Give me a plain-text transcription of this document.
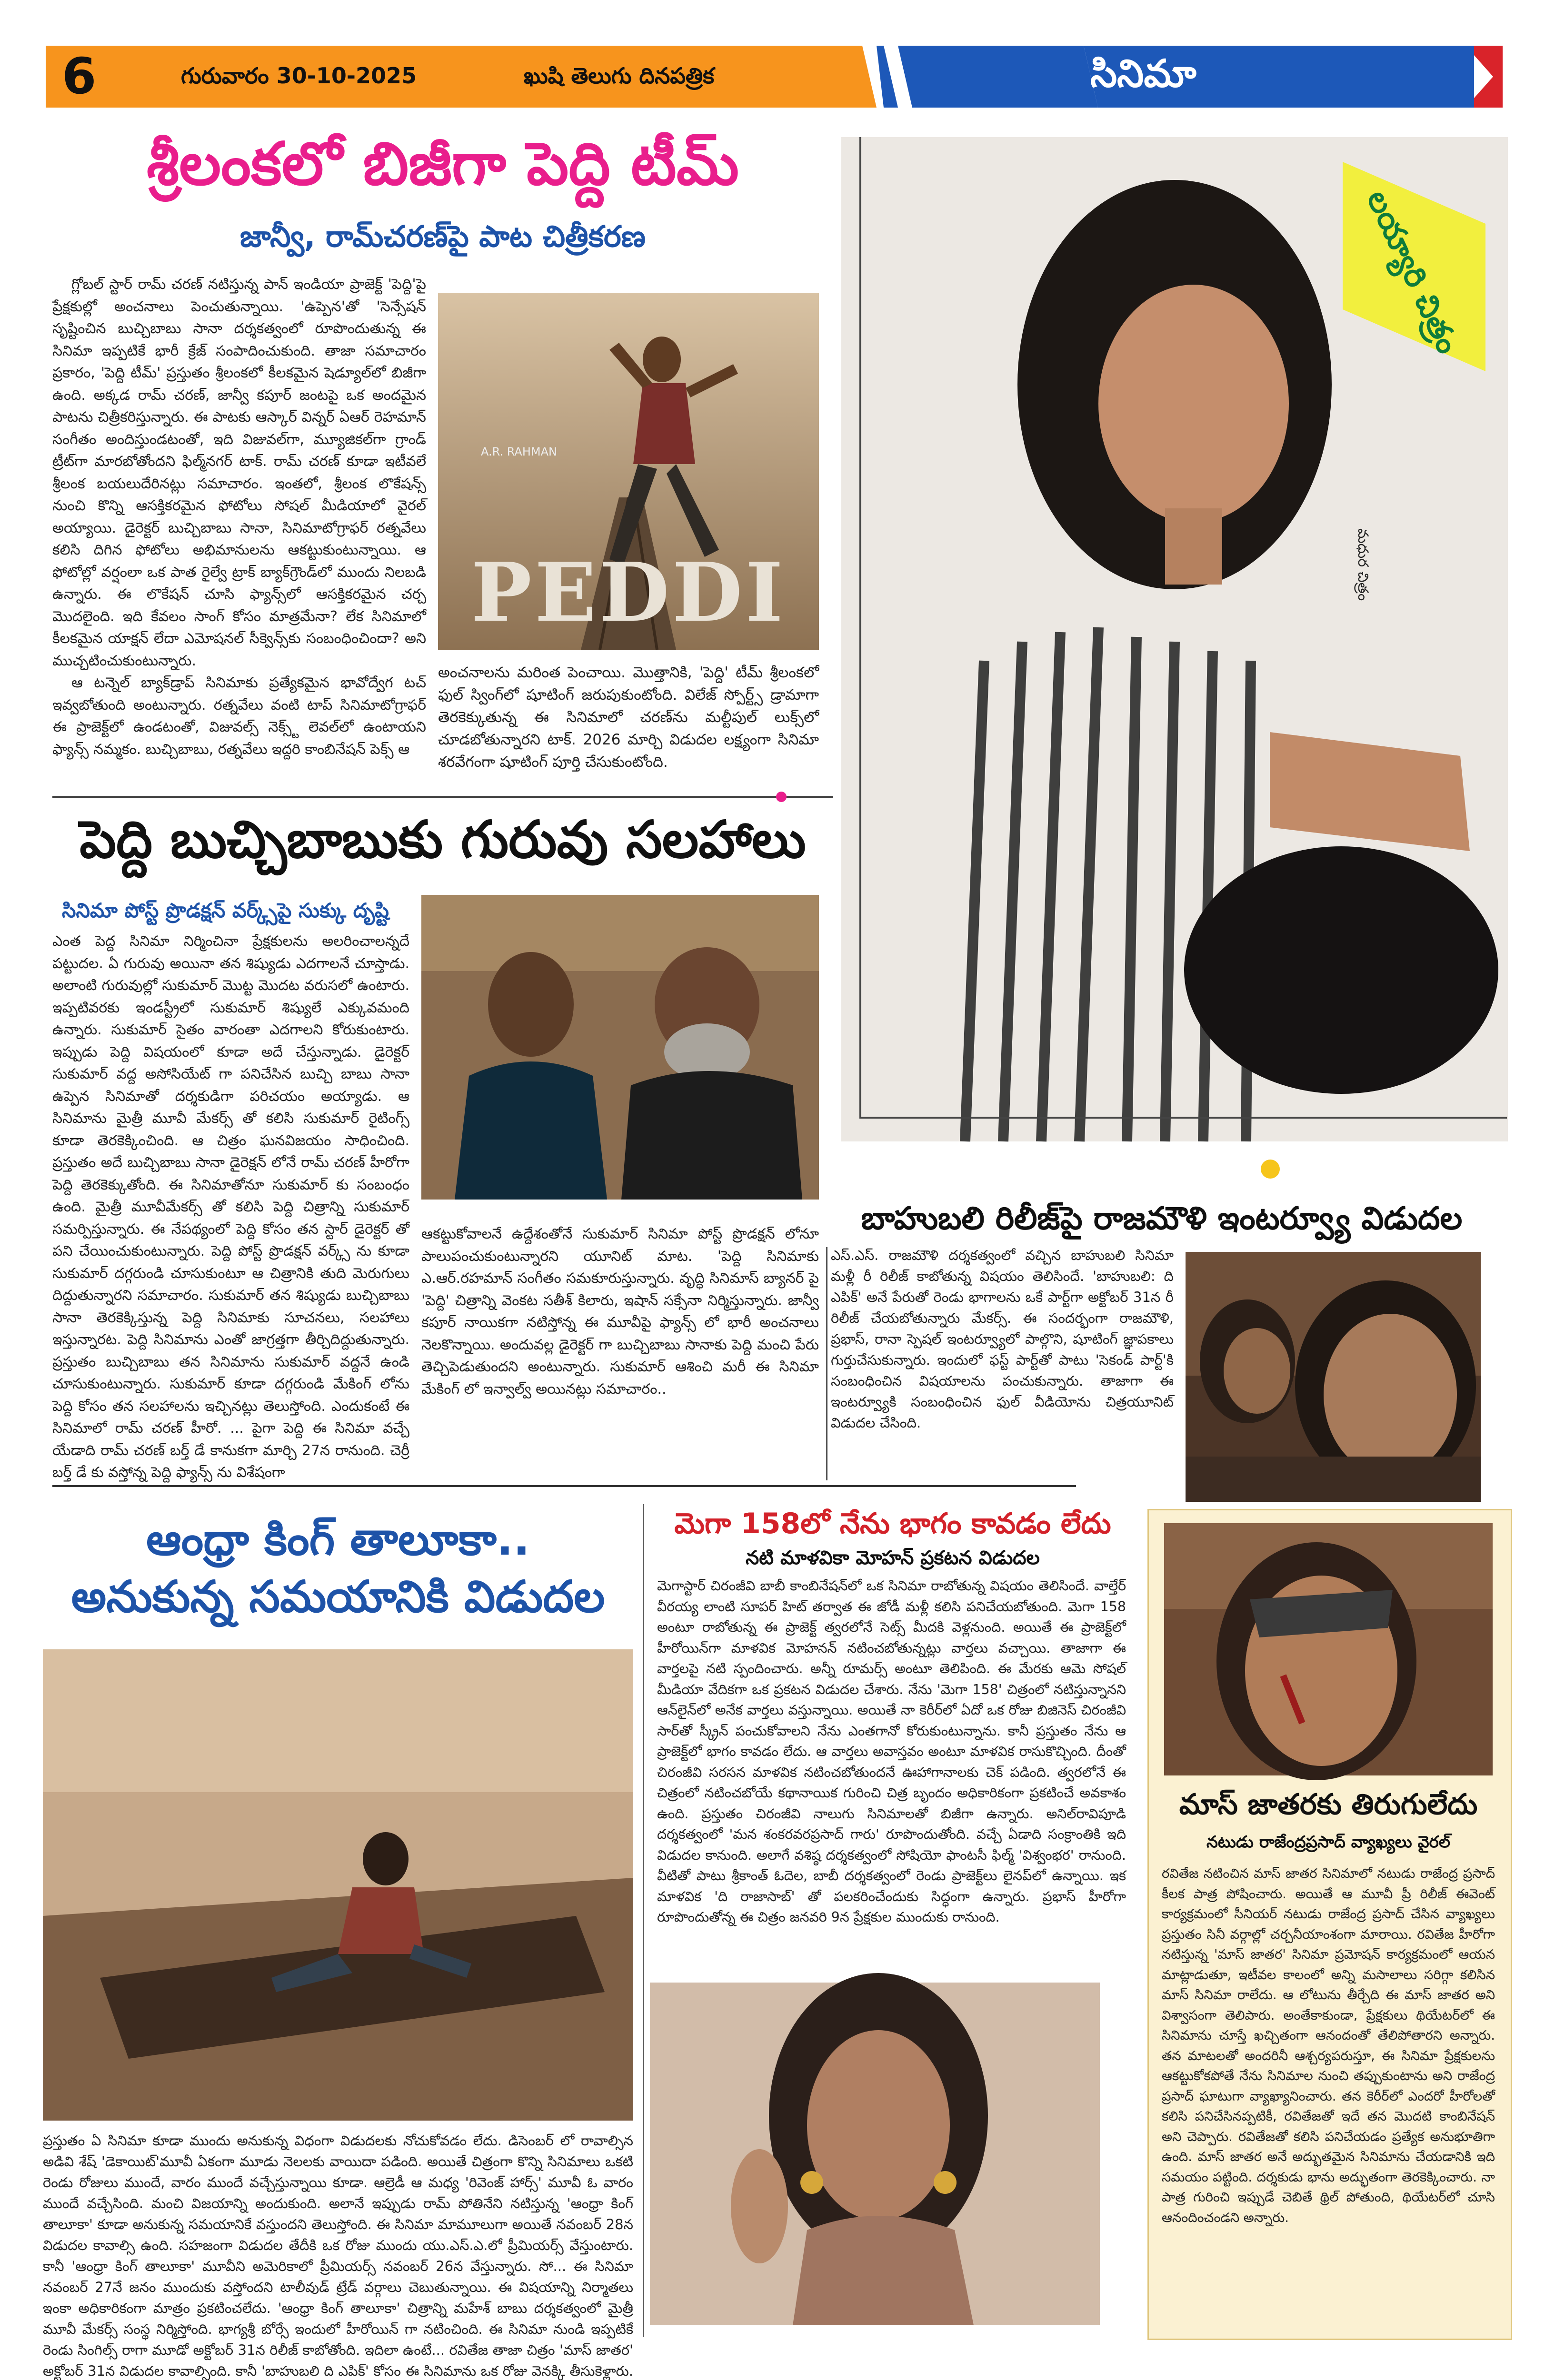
6	గురువారం 30-10-2025	ఖుషి తెలుగు దినపత్రిక	సినిమా
శ్రీలంకలో బిజీగా పెద్ది టీమ్
జాన్వీ, రామ్‌చరణ్‌పై పాట చిత్రీకరణ

గ్లోబల్ స్టార్ రామ్ చరణ్ నటిస్తున్న పాన్ ఇండియా ప్రాజెక్ట్ 'పెద్ది'పై ప్రేక్షకుల్లో అంచనాలు పెంచుతున్నాయి. 'ఉప్పెన'తో 'సెన్సేషన్ సృష్టించిన బుచ్చిబాబు సానా దర్శకత్వంలో రూపొందుతున్న ఈ సినిమా ఇప్పటికే భారీ క్రేజ్ సంపాదించుకుంది. తాజా సమాచారం ప్రకారం, 'పెద్ది టీమ్' ప్రస్తుతం శ్రీలంకలో కీలకమైన షెడ్యూల్‌లో బిజీగా ఉంది. అక్కడ రామ్ చరణ్, జాన్వీ కపూర్ జంటపై ఒక అందమైన పాటను చిత్రీకరిస్తున్నారు. ఈ పాటకు ఆస్కార్ విన్నర్ ఏఆర్ రెహమాన్ సంగీతం అందిస్తుండటంతో, ఇది విజువల్‌గా, మ్యూజికల్‌గా గ్రాండ్ ట్రీట్‌గా మారబోతోందని ఫిల్మ్‌నగర్ టాక్. రామ్ చరణ్ కూడా ఇటీవలే శ్రీలంక బయలుదేరినట్లు సమాచారం. ఇంతలో, శ్రీలంక లొకేషన్స్ నుంచి కొన్ని ఆసక్తికరమైన ఫోటోలు సోషల్ మీడియాలో వైరల్ అయ్యాయి. డైరెక్టర్ బుచ్చిబాబు సానా, సినిమాటోగ్రాఫర్ రత్నవేలు కలిసి దిగిన ఫోటోలు అభిమానులను ఆకట్టుకుంటున్నాయి. ఆ ఫోటోల్లో వర్షంలా ఒక పాత రైల్వే ట్రాక్ బ్యాక్‌గ్రౌండ్‌లో ముందు నిలబడి ఉన్నారు. ఈ లొకేషన్ చూసి ఫ్యాన్స్‌లో ఆసక్తికరమైన చర్చ మొదలైంది. ఇది కేవలం సాంగ్ కోసం మాత్రమేనా? లేక సినిమాలో కీలకమైన యాక్షన్ లేదా ఎమోషనల్ సీక్వెన్స్‌కు సంబంధించిందా? అని ముచ్చటించుకుంటున్నారు.

ఆ టన్నెల్ బ్యాక్‌డ్రాప్ సినిమాకు ప్రత్యేకమైన భావోద్వేగ టచ్ ఇవ్వబోతుంది అంటున్నారు. రత్నవేలు వంటి టాప్ సినిమాటోగ్రాఫర్ ఈ ప్రాజెక్ట్‌లో ఉండటంతో, విజువల్స్ నెక్స్ట్ లెవల్‌లో ఉంటాయని ఫ్యాన్స్ నమ్మకం. బుచ్చిబాబు, రత్నవేలు ఇద్దరి కాంబినేషన్ పెక్స్ ఆ

A.R. RAHMAN
PEDDI
అంచనాలను మరింత పెంచాయి. మొత్తానికి, 'పెద్ది' టీమ్ శ్రీలంకలో ఫుల్ స్వింగ్‌లో షూటింగ్ జరుపుకుంటోంది. విలేజ్ స్పోర్ట్స్ డ్రామాగా తెరకెక్కుతున్న ఈ సినిమాలో చరణ్‌ను మల్టీపుల్ లుక్స్‌లో చూడబోతున్నారని టాక్. 2026 మార్చి విడుదల లక్ష్యంగా సినిమా శరవేగంగా షూటింగ్ పూర్తి చేసుకుంటోంది.
లయ్యారి చిత్రం
మధుర చిత్రం
పెద్ది బుచ్చిబాబుకు గురువు సలహాలు
సినిమా పోస్ట్ ప్రొడక్షన్ వర్క్స్‌పై సుక్కు దృష్టి
ఎంత పెద్ద సినిమా నిర్మించినా ప్రేక్షకులను అలరించాలన్నదే పట్టుదల. ఏ గురువు అయినా తన శిష్యుడు ఎదగాలనే చూస్తాడు. అలాంటి గురువుల్లో సుకుమార్ మొట్ట మొదట వరుసలో ఉంటారు. ఇప్పటివరకు ఇండస్ట్రీలో సుకుమార్ శిష్యులే ఎక్కువమంది ఉన్నారు. సుకుమార్ సైతం వారంతా ఎదగాలని కోరుకుంటారు. ఇప్పుడు పెద్ది విషయంలో కూడా అదే చేస్తున్నాడు. డైరెక్టర్ సుకుమార్ వద్ద అసోసియేట్ గా పనిచేసిన బుచ్చి బాబు సానా ఉప్పెన సినిమాతో దర్శకుడిగా పరిచయం అయ్యాడు. ఆ సినిమాను మైత్రీ మూవీ మేకర్స్ తో కలిసి సుకుమార్ రైటింగ్స్ కూడా తెరకెక్కించింది. ఆ చిత్రం ఘనవిజయం సాధించింది. ప్రస్తుతం అదే బుచ్చిబాబు సానా డైరెక్షన్ లోనే రామ్ చరణ్ హీరోగా పెద్ది తెరకెక్కుతోంది. ఈ సినిమాతోనూ సుకుమార్ కు సంబంధం ఉంది. మైత్రీ మూవీమేకర్స్ తో కలిసి పెద్ది చిత్రాన్ని సుకుమార్ సమర్పిస్తున్నారు. ఈ నేపథ్యంలో పెద్ది కోసం తన స్టార్ డైరెక్టర్ తో పని చేయించుకుంటున్నారు. పెద్ది పోస్ట్ ప్రొడక్షన్ వర్క్స్ ను కూడా సుకుమార్ దగ్గరుండి చూసుకుంటూ ఆ చిత్రానికి తుది మెరుగులు దిద్దుతున్నారని సమాచారం. సుకుమార్ తన శిష్యుడు బుచ్చిబాబు సానా తెరకెక్కిస్తున్న పెద్ది సినిమాకు సూచనలు, సలహాలు ఇస్తున్నారట. పెద్ది సినిమాను ఎంతో జాగ్రత్తగా తీర్చిదిద్దుతున్నారు. ప్రస్తుతం బుచ్చిబాబు తన సినిమాను సుకుమార్ వద్దనే ఉండి చూసుకుంటున్నారు. సుకుమార్ కూడా దగ్గరుండి మేకింగ్ లోను పెద్ది కోసం తన సలహాలను ఇచ్చినట్లు తెలుస్తోంది. ఎందుకంటే ఈ సినిమాలో రామ్ చరణ్ హీరో. ... పైగా పెద్ది ఈ సినిమా వచ్చే యేడాది రామ్ చరణ్ బర్త్ డే కానుకగా మార్చి 27న రానుంది. చెర్రీ బర్త్ డే కు వస్తోన్న పెద్ది ఫ్యాన్స్ ను విశేషంగా
ఆకట్టుకోవాలనే ఉద్దేశంతోనే సుకుమార్ సినిమా పోస్ట్ ప్రొడక్షన్ లోనూ పాలుపంచుకుంటున్నారని యూనిట్ మాట. 'పెద్ది సినిమాకు ఎ.ఆర్.రహమాన్ సంగీతం సమకూరుస్తున్నారు. వృద్ధి సినిమాస్ బ్యానర్ పై 'పెద్ది' చిత్రాన్ని వెంకట సతీశ్ కిలారు, ఇషాన్ సక్సేనా నిర్మిస్తున్నారు. జాన్వీ కపూర్ నాయికగా నటిస్తోన్న ఈ మూవీపై ఫ్యాన్స్ లో భారీ అంచనాలు నెలకొన్నాయి. అందువల్ల డైరెక్టర్ గా బుచ్చిబాబు సానాకు పెద్ది మంచి పేరు తెచ్చిపెడుతుందని అంటున్నారు. సుకుమార్ ఆశించి మరీ ఈ సినిమా మేకింగ్ లో ఇన్వాల్వ్ అయినట్లు సమాచారం..
బాహుబలి రిలీజ్‌పై రాజమౌళి ఇంటర్వ్యూ విడుదల
ఎస్.ఎస్. రాజమౌళి దర్శకత్వంలో వచ్చిన బాహుబలి సినిమా మళ్లీ రీ రిలీజ్ కాబోతున్న విషయం తెలిసిందే. 'బాహుబలి: ది ఎపిక్' అనే పేరుతో రెండు భాగాలను ఒకే పార్ట్‌గా అక్టోబర్ 31న రీ రిలీజ్ చేయబోతున్నారు మేకర్స్. ఈ సందర్భంగా రాజమౌళి, ప్రభాస్, రానా స్పెషల్ ఇంటర్వ్యూలో పాల్గొని, షూటింగ్ జ్ఞాపకాలు గుర్తుచేసుకున్నారు. ఇందులో ఫస్ట్ పార్ట్‌తో పాటు 'సెకండ్ పార్ట్'కి సంబంధించిన విషయాలను పంచుకున్నారు. తాజాగా ఈ ఇంటర్వ్యూకి సంబంధించిన ఫుల్ వీడియోను చిత్రయూనిట్ విడుదల చేసింది.
ఆంధ్రా కింగ్ తాలూకా..
అనుకున్న సమయానికి విడుదల
ప్రస్తుతం ఏ సినిమా కూడా ముందు అనుకున్న విధంగా విడుదలకు నోచుకోవడం లేదు. డిసెంబర్ లో రావాల్సిన అడివి శేష్ 'డెకాయిట్'మూవీ ఏకంగా మూడు నెలలకు వాయిదా పడింది. అయితే చిత్రంగా కొన్ని సినిమాలు ఒకటి రెండు రోజులు ముందే, వారం ముందే వచ్చేస్తున్నాయి కూడా. ఆల్రెడీ ఆ మధ్య 'రివెంజ్ హార్స్' మూవీ ఓ వారం ముందే వచ్చేసింది. మంచి విజయాన్ని అందుకుంది. అలానే ఇప్పుడు రామ్ పోతినేని నటిస్తున్న 'ఆంధ్రా కింగ్ తాలూకా' కూడా అనుకున్న సమయానికే వస్తుందని తెలుస్తోంది. ఈ సినిమా మామూలుగా అయితే నవంబర్ 28న విడుదల కావాల్సి ఉంది. సహజంగా విడుదల తేదీకి ఒక రోజు ముందు యు.ఎస్.ఎ.లో ప్రీమియర్స్ వేస్తుంటారు. కానీ 'ఆంధ్రా కింగ్ తాలూకా' మూవీని అమెరికాలో ప్రీమియర్స్ నవంబర్ 26న వేస్తున్నారు. సో... ఈ సినిమా నవంబర్ 27నే జనం ముందుకు వస్తోందని టాలీవుడ్ ట్రేడ్ వర్గాలు చెబుతున్నాయి. ఈ విషయాన్ని నిర్మాతలు ఇంకా అధికారికంగా మాత్రం ప్రకటించలేదు. 'ఆంధ్రా కింగ్ తాలూకా' చిత్రాన్ని మహేశ్ బాబు దర్శకత్వంలో మైత్రీ మూవీ మేకర్స్ సంస్థ నిర్మిస్తోంది. భాగ్యశ్రీ బోర్సే ఇందులో హీరోయిన్ గా నటించింది. ఈ సినిమా నుండి ఇప్పటికే రెండు సింగిల్స్ రాగా మూడో అక్టోబర్ 31న రిలీజ్ కాబోతోంది. ఇదిలా ఉంటే... రవితేజ తాజా చిత్రం 'మాస్ జాతర' అక్టోబర్ 31న విడుదల కావాల్సింది. కానీ 'బాహుబలి ది ఎపిక్' కోసం ఈ సినిమాను ఒక రోజు వెనక్కి తీసుకెళ్లారు.
మెగా 158లో నేను భాగం కావడం లేదు
నటి మాళవికా మోహన్ ప్రకటన విడుదల
మెగాస్టార్ చిరంజీవి బాబీ కాంబినేషన్‌లో ఒక సినిమా రాబోతున్న విషయం తెలిసిందే. వాల్తేర్ వీరయ్య లాంటి సూపర్ హిట్ తర్వాత ఈ జోడీ మళ్లీ కలిసి పనిచేయబోతుంది. మెగా 158 అంటూ రాబోతున్న ఈ ప్రాజెక్ట్ త్వరలోనే సెట్స్ మీదకి వెళ్లనుంది. అయితే ఈ ప్రాజెక్ట్‌లో హీరోయిన్‌గా మాళవిక మోహనన్ నటించబోతున్నట్లు వార్తలు వచ్చాయి. తాజాగా ఈ వార్తలపై నటి స్పందించారు. అన్నీ రూమర్స్ అంటూ తెలిపింది. ఈ మేరకు ఆమె సోషల్ మీడియా వేదికగా ఒక ప్రకటన విడుదల చేశారు. నేను 'మెగా 158' చిత్రంలో నటిస్తున్నానని ఆన్‌లైన్‌లో అనేక వార్తలు వస్తున్నాయి. అయితే నా కెరీర్‌లో ఏదో ఒక రోజు బిజినెస్ చిరంజీవి సార్‌తో స్క్రీన్ పంచుకోవాలని నేను ఎంతగానో కోరుకుంటున్నాను. కానీ ప్రస్తుతం నేను ఆ ప్రాజెక్ట్‌లో భాగం కావడం లేదు. ఆ వార్తలు అవాస్తవం అంటూ మాళవిక రాసుకొచ్చింది. దీంతో చిరంజీవి సరసన మాళవిక నటించబోతుందనే ఊహాగానాలకు చెక్ పడింది. త్వరలోనే ఈ చిత్రంలో నటించబోయే కథానాయిక గురించి చిత్ర బృందం అధికారికంగా ప్రకటించే అవకాశం ఉంది. ప్రస్తుతం చిరంజీవి నాలుగు సినిమాలతో బిజీగా ఉన్నారు. అనిల్‌రావిపూడి దర్శకత్వంలో 'మన శంకరవరప్రసాద్ గారు' రూపొందుతోంది. వచ్చే ఏడాది సంక్రాంతికి ఇది విడుదల కానుంది. అలాగే వశిష్ఠ దర్శకత్వంలో సోషియో ఫాంటసీ ఫిల్మ్ 'విశ్వంభర' రానుంది. వీటితో పాటు శ్రీకాంత్ ఓదెల, బాబీ దర్శకత్వంలో రెండు ప్రాజెక్ట్‌లు లైనప్‌లో ఉన్నాయి. ఇక మాళవిక 'ది రాజాసాబ్' తో పలకరించేందుకు సిద్ధంగా ఉన్నారు. ప్రభాస్ హీరోగా రూపొందుతోన్న ఈ చిత్రం జనవరి 9న ప్రేక్షకుల ముందుకు రానుంది.
మాస్ జాతరకు తిరుగులేదు
నటుడు రాజేంద్రప్రసాద్ వ్యాఖ్యలు వైరల్
రవితేజ నటించిన మాస్ జాతర సినిమాలో నటుడు రాజేంద్ర ప్రసాద్ కీలక పాత్ర పోషించారు. అయితే ఆ మూవీ ప్రీ రిలీజ్ ఈవెంట్ కార్యక్రమంలో సీనియర్ నటుడు రాజేంద్ర ప్రసాద్ చేసిన వ్యాఖ్యలు ప్రస్తుతం సినీ వర్గాల్లో చర్చనీయాంశంగా మారాయి. రవితేజ హీరోగా నటిస్తున్న 'మాస్ జాతర' సినిమా ప్రమోషన్ కార్యక్రమంలో ఆయన మాట్లాడుతూ, ఇటీవల కాలంలో అన్ని మసాలాలు సరిగ్గా కలిసిన మాస్ సినిమా రాలేదు. ఆ లోటును తీర్చేది ఈ మాస్ జాతర అని విశ్వాసంగా తెలిపారు. అంతేకాకుండా, ప్రేక్షకులు థియేటర్‌లో ఈ సినిమాను చూస్తే ఖచ్చితంగా ఆనందంతో తేలిపోతారని అన్నారు. తన మాటలతో అందరినీ ఆశ్చర్యపరుస్తూ, ఈ సినిమా ప్రేక్షకులను ఆకట్టుకోకపోతే నేను సినిమాల నుంచి తప్పుకుంటాను అని రాజేంద్ర ప్రసాద్ ఘాటుగా వ్యాఖ్యానించారు. తన కెరీర్‌లో ఎందరో హీరోలతో కలిసి పనిచేసినప్పటికీ, రవితేజతో ఇదే తన మొదటి కాంబినేషన్ అని చెప్పారు. రవితేజతో కలిసి పనిచేయడం ప్రత్యేక అనుభూతిగా ఉంది. మాస్ జాతర అనే అద్భుతమైన సినిమాను చేయడానికి ఇది సమయం పట్టింది. దర్శకుడు భాను అద్భుతంగా తెరకెక్కించారు. నా పాత్ర గురించి ఇప్పుడే చెబితే థ్రిల్ పోతుంది, థియేటర్‌లో చూసి ఆనందించండని అన్నారు.
